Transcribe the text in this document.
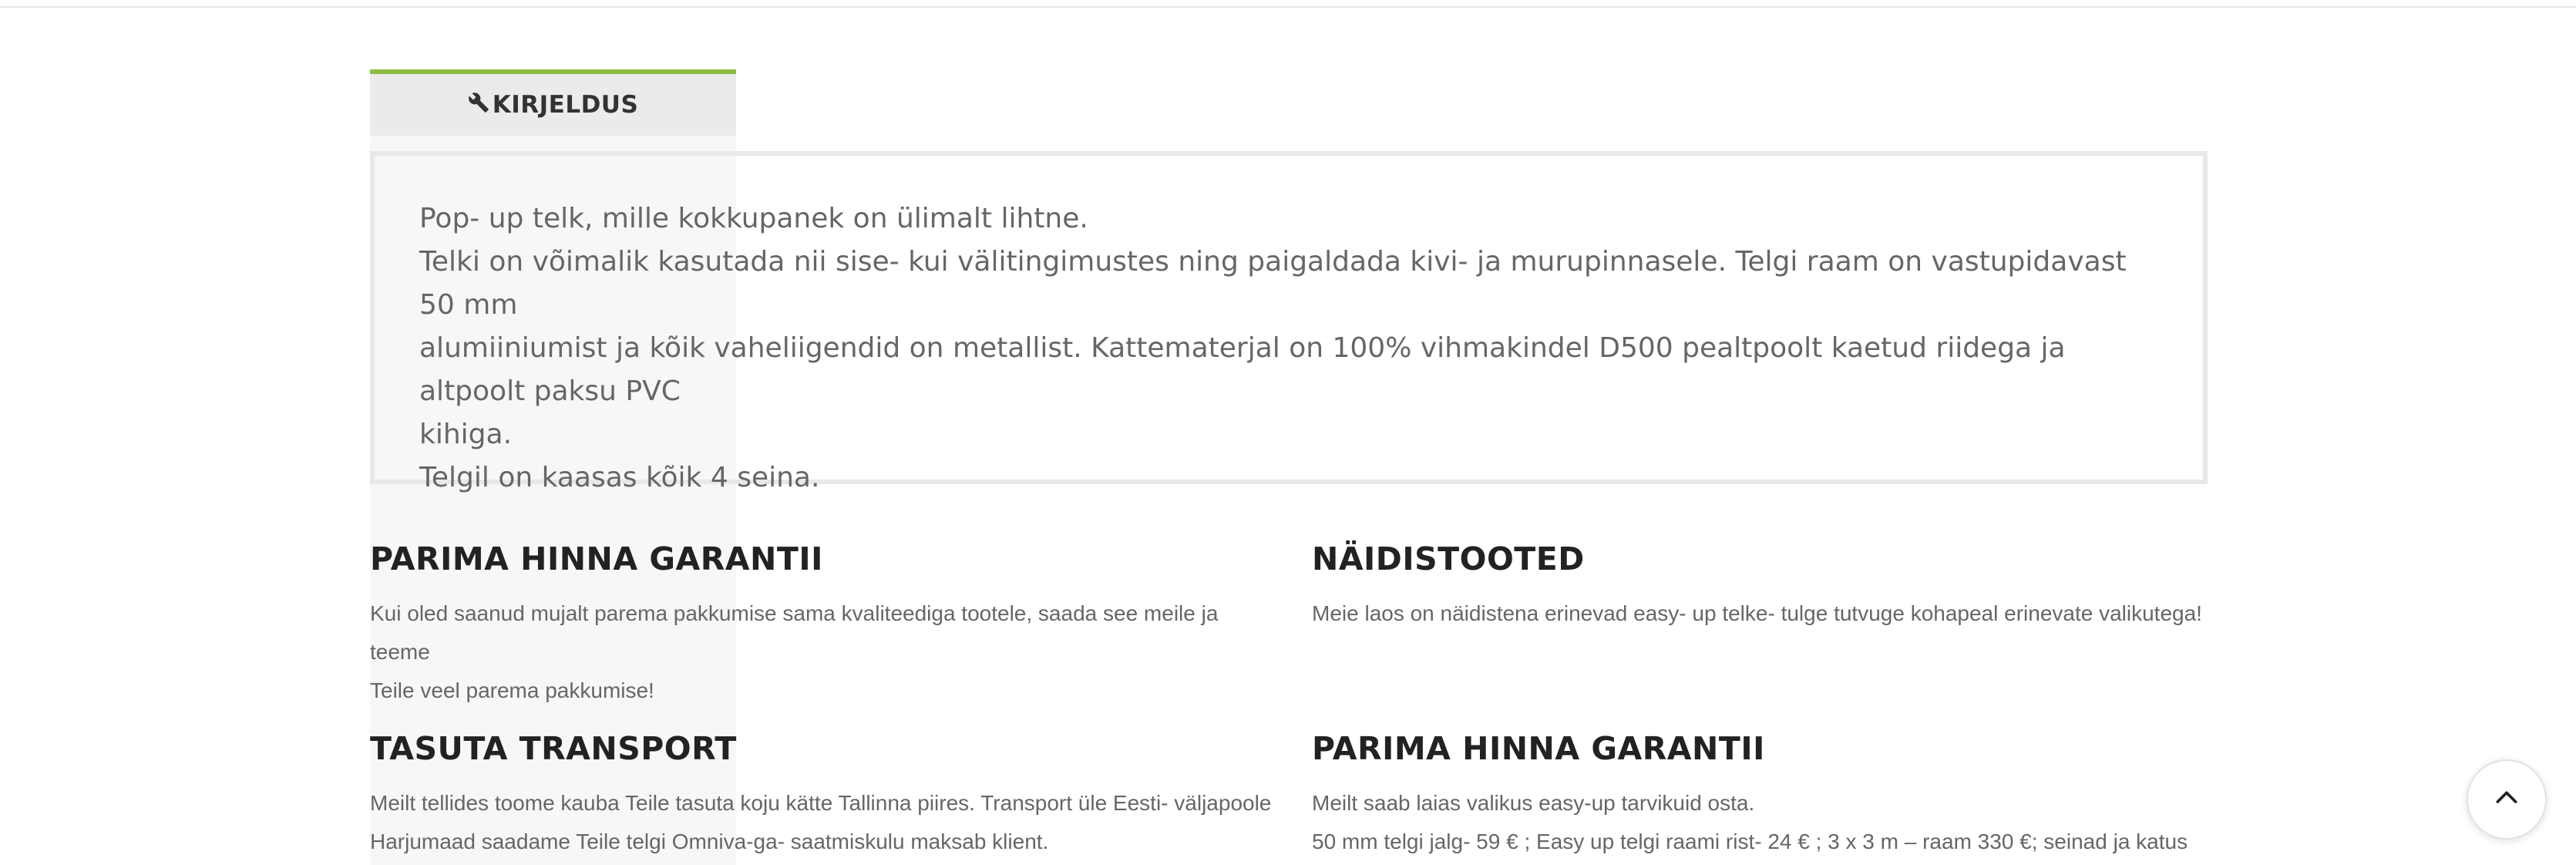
KIRJELDUS

Pop- up telk, mille kokkupanek on ülimalt lihtne.

Telki on võimalik kasutada nii sise- kui välitingimustes ning paigaldada kivi- ja murupinnasele. Telgi raam on vastupidavast 50 mm

alumiiniumist ja kõik vaheliigendid on metallist. Kattematerjal on 100% vihmakindel D500 pealtpoolt kaetud riidega ja altpoolt paksu PVC

kihiga.

Telgil on kaasas kõik 4 seina.

PARIMA HINNA GARANTII

Kui oled saanud mujalt parema pakkumise sama kvaliteediga tootele, saada see meile ja teeme
Teile veel parema pakkumise!

NÄIDISTOOTED

Meie laos on näidistena erinevad easy- up telke- tulge tutvuge kohapeal erinevate valikutega!

TASUTA TRANSPORT

Meilt tellides toome kauba Teile tasuta koju kätte Tallinna piires. Transport üle Eesti- väljapoole
Harjumaad saadame Teile telgi Omniva-ga- saatmiskulu maksab klient.

PARIMA HINNA GARANTII

Meilt saab laias valikus easy-up tarvikuid osta.
50 mm telgi jalg- 59 € ; Easy up telgi raami rist- 24 € ; 3 x 3 m – raam 330 €; seinad ja katus
